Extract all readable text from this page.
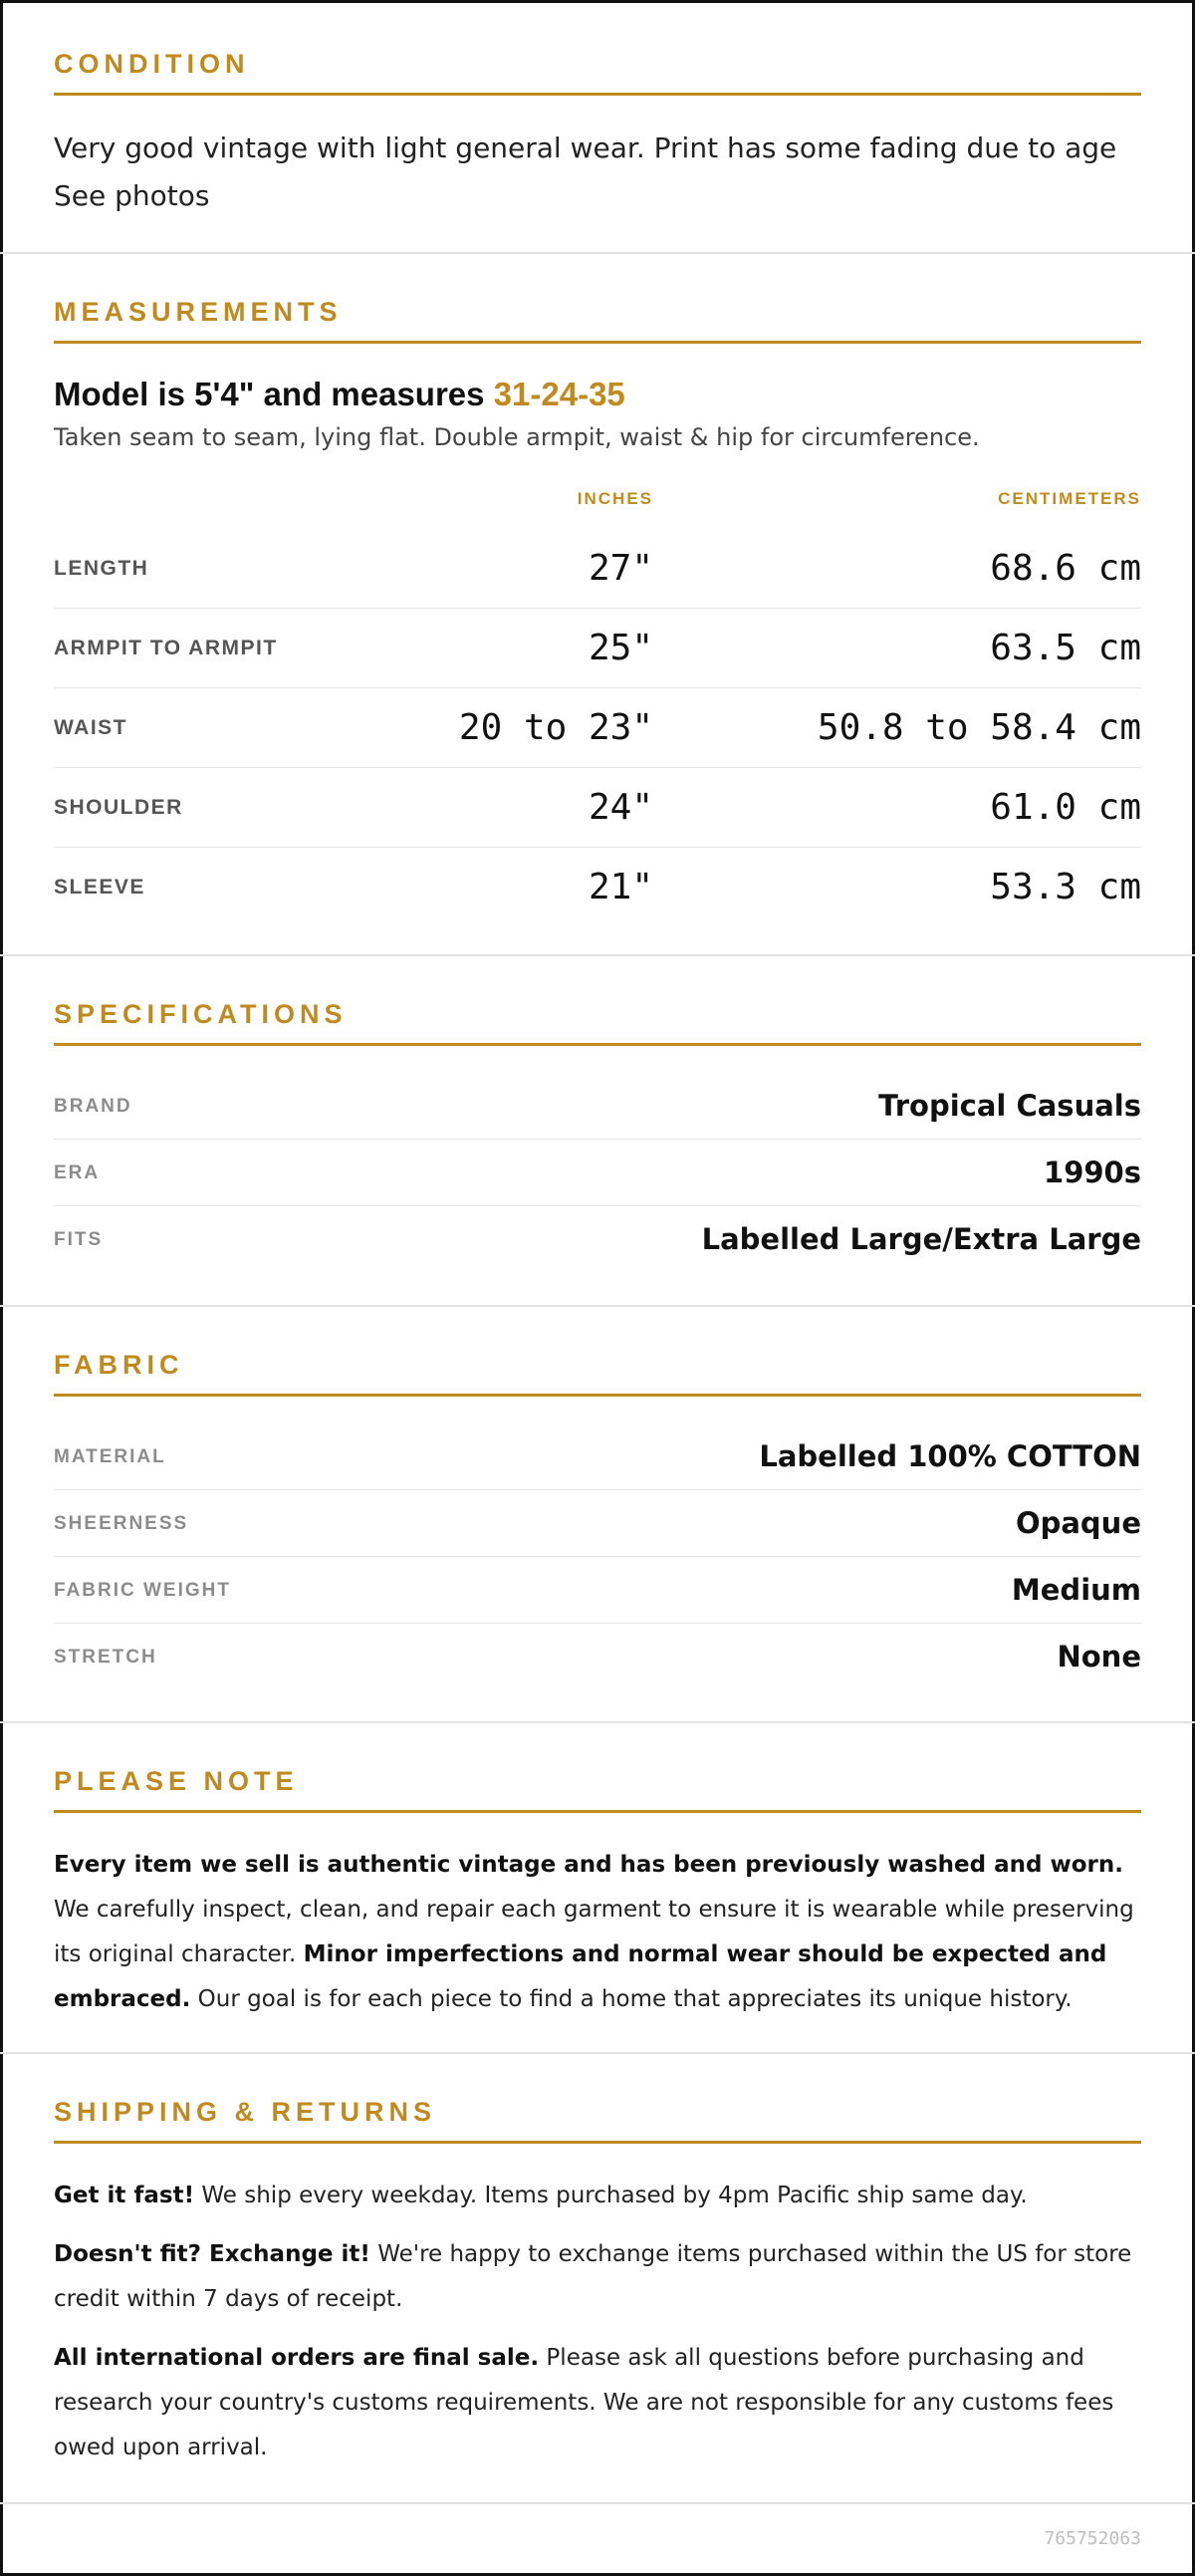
CONDITION
Very good vintage with light general wear. Print has some fading due to age See photos
MEASUREMENTS
Model is 5'4" and measures 31-24-35
Taken seam to seam, lying flat. Double armpit, waist & hip for circumference.
INCHES	CENTIMETERS
LENGTH	27"	68.6 cm
ARMPIT TO ARMPIT	25"	63.5 cm
WAIST	20 to 23"	50.8 to 58.4 cm
SHOULDER	24"	61.0 cm
SLEEVE	21"	53.3 cm
SPECIFICATIONS
BRAND	Tropical Casuals
ERA	1990s
FITS	Labelled Large/Extra Large
FABRIC
MATERIAL	Labelled 100% COTTON
SHEERNESS	Opaque
FABRIC WEIGHT	Medium
STRETCH	None
PLEASE NOTE
Every item we sell is authentic vintage and has been previously washed and worn. We carefully inspect, clean, and repair each garment to ensure it is wearable while preserving its original character. Minor imperfections and normal wear should be expected and embraced. Our goal is for each piece to find a home that appreciates its unique history.
SHIPPING & RETURNS
Get it fast! We ship every weekday. Items purchased by 4pm Pacific ship same day.
Doesn't fit? Exchange it! We're happy to exchange items purchased within the US for store credit within 7 days of receipt.
All international orders are final sale. Please ask all questions before purchasing and research your country's customs requirements. We are not responsible for any customs fees owed upon arrival.
765752063
